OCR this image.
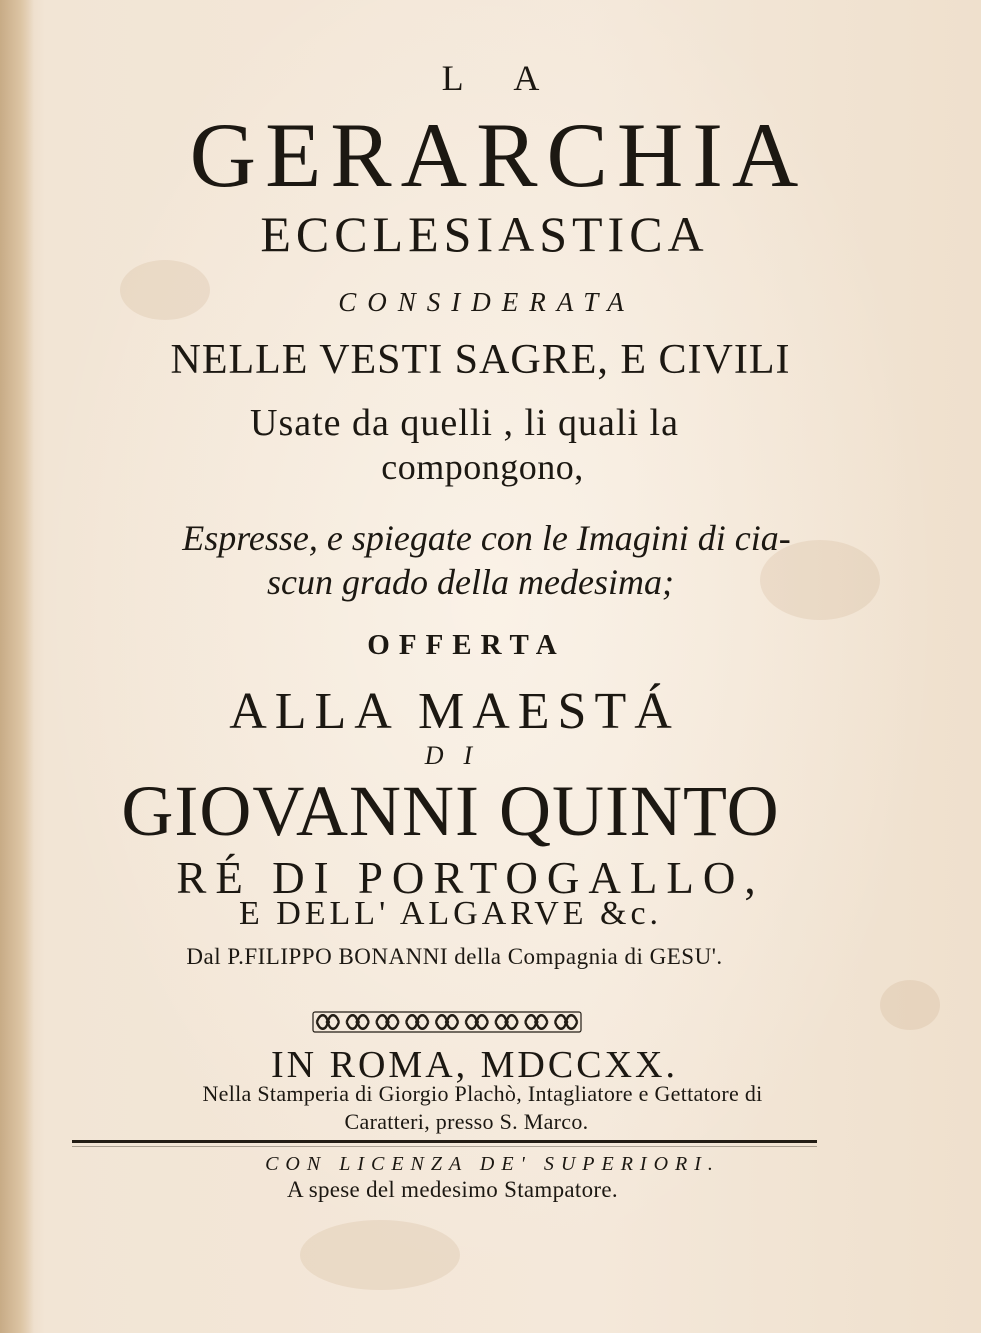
L A

GERARCHIA

ECCLESIASTICA

CONSIDERATA

NELLE VESTI SAGRE, E CIVILI

Usate da quelli , li quali la

compongono,

Espresse, e spiegate con le Imagini di cia-

scun grado della medesima;

OFFERTA

ALLA MAESTÁ

DI

GIOVANNI QUINTO

RÉ DI PORTOGALLO,

E DELL' ALGARVE &c.

Dal P.FILIPPO BONANNI della Compagnia di GESU'.

IN ROMA, MDCCXX.

Nella Stamperia di Giorgio Plachò, Intagliatore e Gettatore di

Caratteri, presso S. Marco.

CON LICENZA DE' SUPERIORI.

A spese del medesimo Stampatore.
